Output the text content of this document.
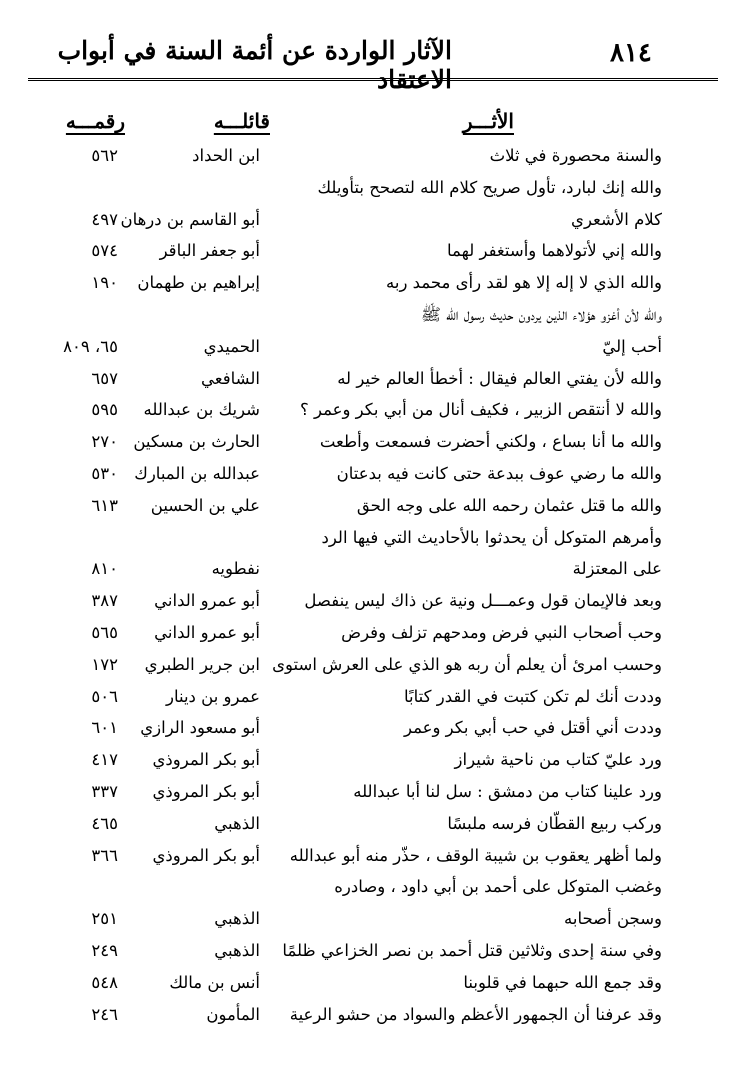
٨١٤
الآثار الواردة عن أئمة السنة في أبواب الاعتقاد
الأثـــر
قائلـــه
رقمـــه
والسنة محصورة في ثلاث
ابن الحداد
٥٦٢
والله إنك لبارد، تأول صريح كلام الله لتصحح بتأويلك
كلام الأشعري
أبو القاسم بن درهان
٤٩٧
والله إني لأتولاهما وأستغفر لهما
أبو جعفر الباقر
٥٧٤
والله الذي لا إله إلا هو لقد رأى محمد ربه
إبراهيم بن طهمان
١٩٠
والله لأن أغزو هؤلاء الذين يردون حديث رسول الله ﷺ
أحب إليّ
الحميدي
٦٥، ٨٠٩
والله لأن يفتي العالم فيقال : أخطأ العالم خير له
الشافعي
٦٥٧
والله لا أنتقص الزبير ، فكيف أنال من أبي بكر وعمر ؟
شريك بن عبدالله
٥٩٥
والله ما أنا بساع ، ولكني أحضرت فسمعت وأطعت
الحارث بن مسكين
٢٧٠
والله ما رضي عوف ببدعة حتى كانت فيه بدعتان
عبدالله بن المبارك
٥٣٠
والله ما قتل عثمان رحمه الله على وجه الحق
علي بن الحسين
٦١٣
وأمرهم المتوكل أن يحدثوا بالأحاديث التي فيها الرد
على المعتزلة
نفطويه
٨١٠
وبعد فالإيمان قول وعمـــل ونية عن ذاك ليس ينفصل
أبو عمرو الداني
٣٨٧
وحب أصحاب النبي فرض ومدحهم تزلف وفرض
أبو عمرو الداني
٥٦٥
وحسب امرئ أن يعلم أن ربه هو الذي على العرش استوى
ابن جرير الطبري
١٧٢
وددت أنك لم تكن كتبت في القدر كتابًا
عمرو بن دينار
٥٠٦
وددت أني أقتل في حب أبي بكر وعمر
أبو مسعود الرازي
٦٠١
ورد عليّ كتاب من ناحية شيراز
أبو بكر المروذي
٤١٧
ورد علينا كتاب من دمشق : سل لنا أبا عبدالله
أبو بكر المروذي
٣٣٧
وركب ربيع القطّان فرسه ملبسًا
الذهبي
٤٦٥
ولما أظهر يعقوب بن شيبة الوقف ، حذّر منه أبو عبدالله
أبو بكر المروذي
٣٦٦
وغضب المتوكل على أحمد بن أبي داود ، وصادره
وسجن أصحابه
الذهبي
٢٥١
وفي سنة إحدى وثلاثين قتل أحمد بن نصر الخزاعي ظلمًا
الذهبي
٢٤٩
وقد جمع الله حبهما في قلوبنا
أنس بن مالك
٥٤٨
وقد عرفنا أن الجمهور الأعظم والسواد من حشو الرعية
المأمون
٢٤٦
